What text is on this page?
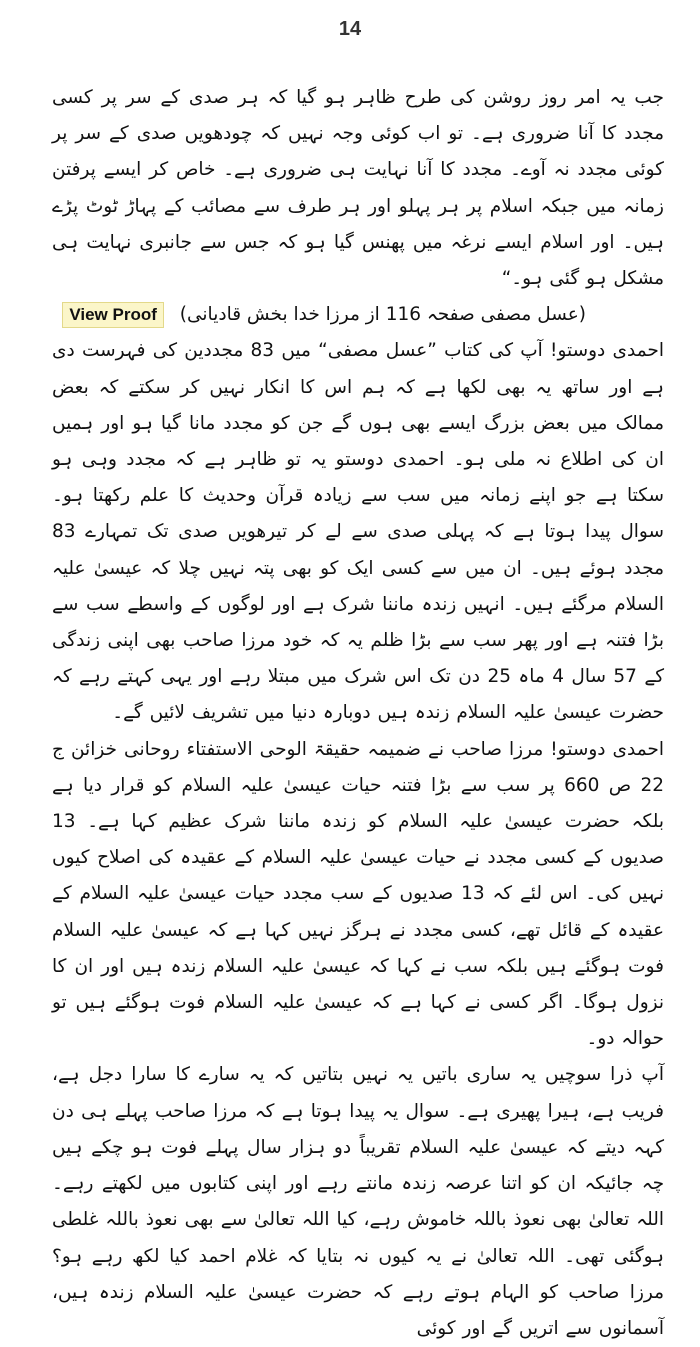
14

جب یہ امر روز روشن کی طرح ظاہر ہو گیا کہ ہر صدی کے سر پر کسی مجدد کا آنا ضروری ہے۔ تو اب کوئی وجہ نہیں کہ چودھویں صدی کے سر پر کوئی مجدد نہ آوے۔ مجدد کا آنا نہایت ہی ضروری ہے۔ خاص کر ایسے پرفتن زمانہ میں جبکہ اسلام پر ہر پہلو اور ہر طرف سے مصائب کے پہاڑ ٹوٹ پڑے ہیں۔ اور اسلام ایسے نرغہ میں پھنس گیا ہو کہ جس سے جانبری نہایت ہی مشکل ہو گئی ہو۔“

(عسل مصفی صفحہ 116 از مرزا خدا بخش قادیانی) View Proof

احمدی دوستو! آپ کی کتاب ”عسل مصفی“ میں 83 مجددین کی فہرست دی ہے اور ساتھ یہ بھی لکھا ہے کہ ہم اس کا انکار نہیں کر سکتے کہ بعض ممالک میں بعض بزرگ ایسے بھی ہوں گے جن کو مجدد مانا گیا ہو اور ہمیں ان کی اطلاع نہ ملی ہو۔ احمدی دوستو یہ تو ظاہر ہے کہ مجدد وہی ہو سکتا ہے جو اپنے زمانہ میں سب سے زیادہ قرآن وحدیث کا علم رکھتا ہو۔ سوال پیدا ہوتا ہے کہ پہلی صدی سے لے کر تیرھویں صدی تک تمہارے 83 مجدد ہوئے ہیں۔ ان میں سے کسی ایک کو بھی پتہ نہیں چلا کہ عیسیٰ علیہ السلام مرگئے ہیں۔ انہیں زندہ ماننا شرک ہے اور لوگوں کے واسطے سب سے بڑا فتنہ ہے اور پھر سب سے بڑا ظلم یہ کہ خود مرزا صاحب بھی اپنی زندگی کے 57 سال 4 ماہ 25 دن تک اس شرک میں مبتلا رہے اور یہی کہتے رہے کہ حضرت عیسیٰ علیہ السلام زندہ ہیں دوبارہ دنیا میں تشریف لائیں گے۔

احمدی دوستو! مرزا صاحب نے ضمیمہ حقیقۃ الوحی الاستفتاء روحانی خزائن ج 22 ص 660 پر سب سے بڑا فتنہ حیات عیسیٰ علیہ السلام کو قرار دیا ہے بلکہ حضرت عیسیٰ علیہ السلام کو زندہ ماننا شرک عظیم کہا ہے۔ 13 صدیوں کے کسی مجدد نے حیات عیسیٰ علیہ السلام کے عقیدہ کی اصلاح کیوں نہیں کی۔ اس لئے کہ 13 صدیوں کے سب مجدد حیات عیسیٰ علیہ السلام کے عقیدہ کے قائل تھے، کسی مجدد نے ہرگز نہیں کہا ہے کہ عیسیٰ علیہ السلام فوت ہوگئے ہیں بلکہ سب نے کہا کہ عیسیٰ علیہ السلام زندہ ہیں اور ان کا نزول ہوگا۔ اگر کسی نے کہا ہے کہ عیسیٰ علیہ السلام فوت ہوگئے ہیں تو حوالہ دو۔

آپ ذرا سوچیں یہ ساری باتیں یہ نہیں بتاتیں کہ یہ سارے کا سارا دجل ہے، فریب ہے، ہیرا پھیری ہے۔ سوال یہ پیدا ہوتا ہے کہ مرزا صاحب پہلے ہی دن کہہ دیتے کہ عیسیٰ علیہ السلام تقریباً دو ہزار سال پہلے فوت ہو چکے ہیں چہ جائیکہ ان کو اتنا عرصہ زندہ مانتے رہے اور اپنی کتابوں میں لکھتے رہے۔ اللہ تعالیٰ بھی نعوذ باللہ خاموش رہے، کیا اللہ تعالیٰ سے بھی نعوذ باللہ غلطی ہوگئی تھی۔ اللہ تعالیٰ نے یہ کیوں نہ بتایا کہ غلام احمد کیا لکھ رہے ہو؟ مرزا صاحب کو الہام ہوتے رہے کہ حضرت عیسیٰ علیہ السلام زندہ ہیں، آسمانوں سے اتریں گے اور کوئی
